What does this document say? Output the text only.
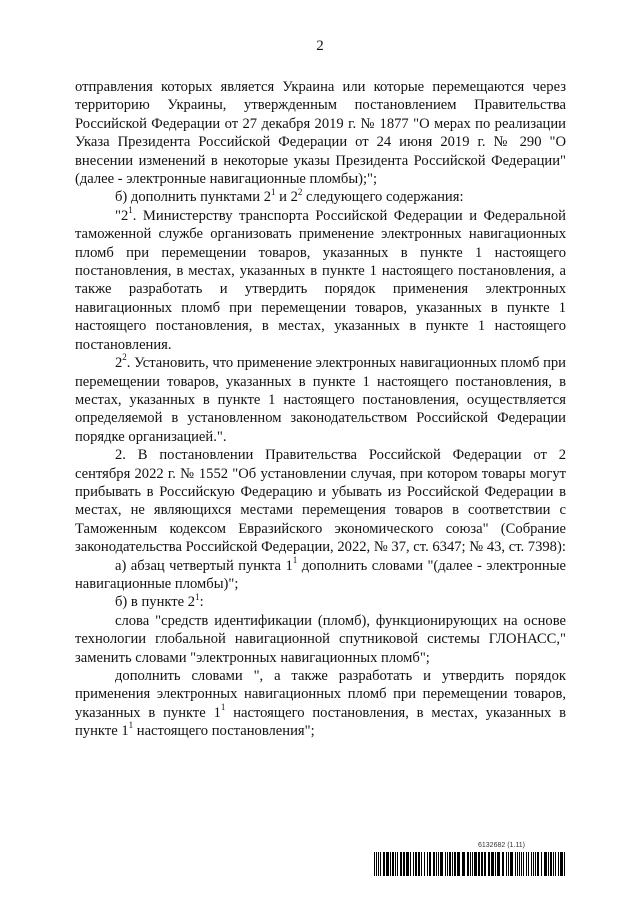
2

отправления которых является Украина или которые перемещаются через территорию Украины, утвержденным постановлением Правительства Российской Федерации от 27 декабря 2019 г. № 1877 "О мерах по реализации Указа Президента Российской Федерации от 24 июня 2019 г. № 290 "О внесении изменений в некоторые указы Президента Российской Федерации" (далее - электронные навигационные пломбы);";

б) дополнить пунктами $2^1$ и $2^2$ следующего содержания:

"$2^1$. Министерству транспорта Российской Федерации и Федеральной таможенной службе организовать применение электронных навигационных пломб при перемещении товаров, указанных в пункте 1 настоящего постановления, в местах, указанных в пункте 1 настоящего постановления, а также разработать и утвердить порядок применения электронных навигационных пломб при перемещении товаров, указанных в пункте 1 настоящего постановления, в местах, указанных в пункте 1 настоящего постановления.

$2^2$. Установить, что применение электронных навигационных пломб при перемещении товаров, указанных в пункте 1 настоящего постановления, в местах, указанных в пункте 1 настоящего постановления, осуществляется определяемой в установленном законодательством Российской Федерации порядке организацией.".

2. В постановлении Правительства Российской Федерации от 2 сентября 2022 г. № 1552 "Об установлении случая, при котором товары могут прибывать в Российскую Федерацию и убывать из Российской Федерации в местах, не являющихся местами перемещения товаров в соответствии с Таможенным кодексом Евразийского экономического союза" (Собрание законодательства Российской Федерации, 2022, № 37, ст. 6347; № 43, ст. 7398):

а) абзац четвертый пункта $1^1$ дополнить словами "(далее - электронные навигационные пломбы)";

б) в пункте $2^1$:

слова "средств идентификации (пломб), функционирующих на основе технологии глобальной навигационной спутниковой системы ГЛОНАСС," заменить словами "электронных навигационных пломб";

дополнить словами ", а также разработать и утвердить порядок применения электронных навигационных пломб при перемещении товаров, указанных в пункте $1^1$ настоящего постановления, в местах, указанных в пункте $1^1$ настоящего постановления";

6132682 (1.11)
